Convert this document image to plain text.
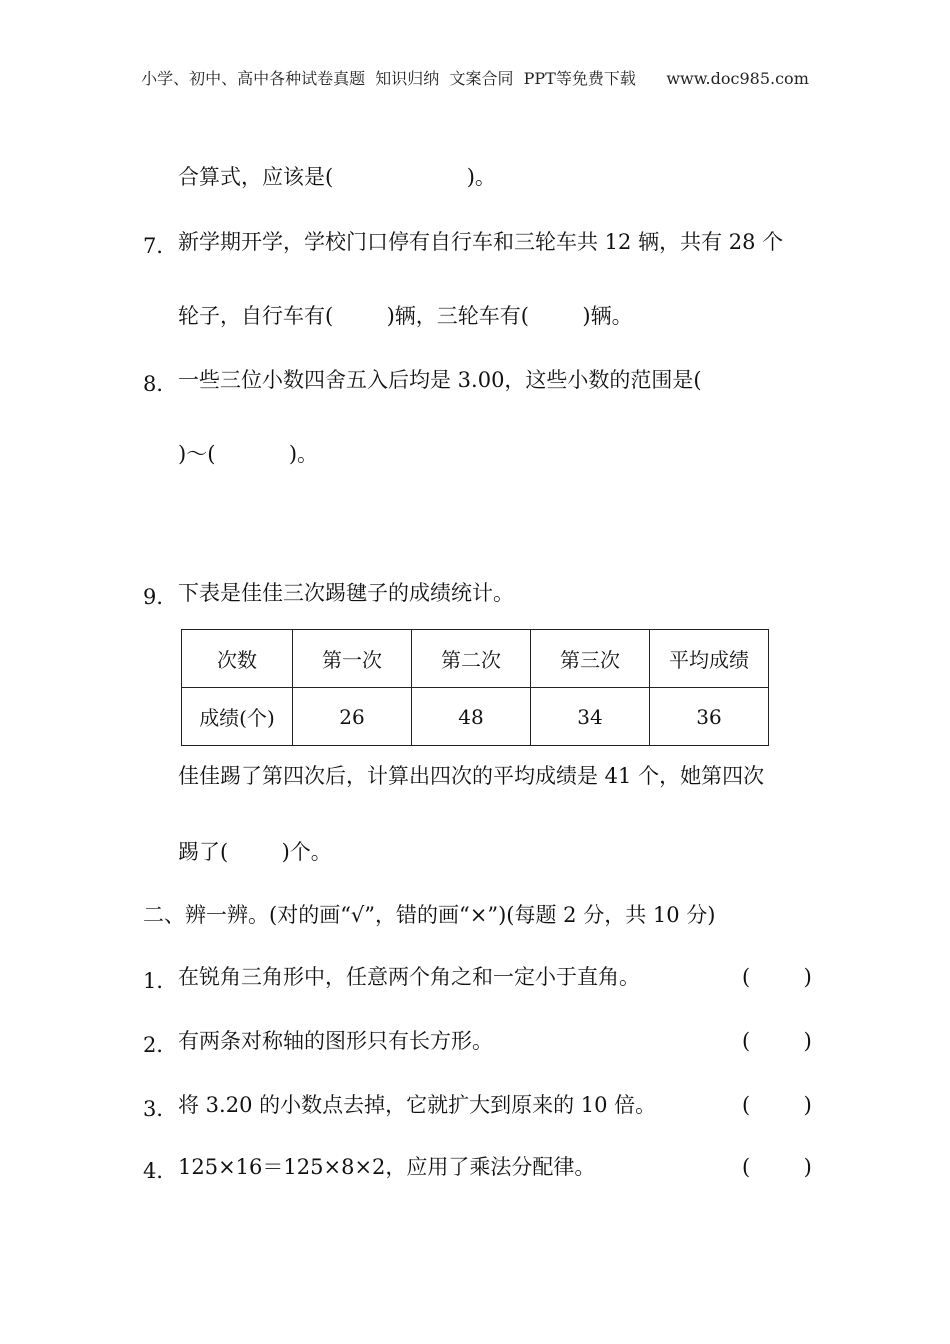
小学、初中、高中各种试卷真题  知识归纳  文案合同  PPT等免费下载      www.doc985.com
合算式，应该是(                    )。
7． 新学期开学，学校门口停有自行车和三轮车共 12 辆，共有 28 个
轮子，自行车有(        )辆，三轮车有(        )辆。
8． 一些三位小数四舍五入后均是 3.00，这些小数的范围是(
)～(           )。
9． 下表是佳佳三次踢毽子的成绩统计。
次数	第一次	第二次	第三次	平均成绩
成绩(个)	26	48	34	36
佳佳踢了第四次后，计算出四次的平均成绩是 41 个，她第四次
踢了(        )个。
二、辨一辨。(对的画“√”，错的画“×”)(每题 2 分，共 10 分)
1． 在锐角三角形中，任意两个角之和一定小于直角。	(        )
2． 有两条对称轴的图形只有长方形。	(        )
3． 将 3.20 的小数点去掉，它就扩大到原来的 10 倍。	(        )
4． 125×16＝125×8×2，应用了乘法分配律。	(        )
